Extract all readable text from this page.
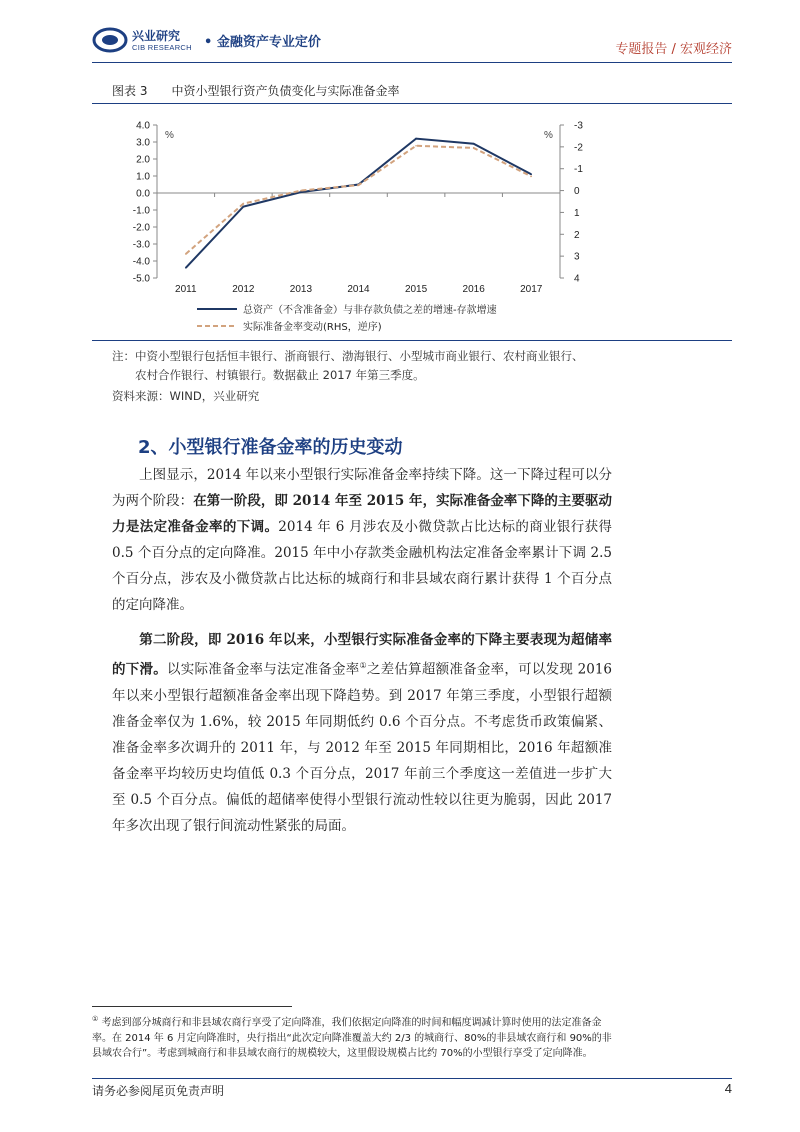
兴业研究
CIB RESEARCH • 金融资产专业定价	专题报告 / 宏观经济
图表 3 中资小型银行资产负债变化与实际准备金率
4.0
3.0
2.0
1.0
0.0
-1.0
-2.0
-3.0
-4.0
-5.0
-3
-2
-1
0
1
2
3
4
%	%
2011	2012	2013	2014	2015	2016	2017
总资产（不含准备金）与非存款负债之差的增速-存款增速
实际准备金率变动(RHS，逆序)
注：中资小型银行包括恒丰银行、浙商银行、渤海银行、小型城市商业银行、农村商业银行、
农村合作银行、村镇银行。数据截止 2017 年第三季度。
资料来源：WIND，兴业研究
2、小型银行准备金率的历史变动
上图显示，2014 年以来小型银行实际准备金率持续下降。这一下降过程可以分为两个阶段：在第一阶段，即 2014 年至 2015 年，实际准备金率下降的主要驱动力是法定准备金率的下调。2014 年 6 月涉农及小微贷款占比达标的商业银行获得 0.5 个百分点的定向降准。2015 年中小存款类金融机构法定准备金率累计下调 2.5 个百分点，涉农及小微贷款占比达标的城商行和非县域农商行累计获得 1 个百分点的定向降准。
第二阶段，即 2016 年以来，小型银行实际准备金率的下降主要表现为超储率的下滑。以实际准备金率与法定准备金率①之差估算超额准备金率，可以发现 2016 年以来小型银行超额准备金率出现下降趋势。到 2017 年第三季度，小型银行超额准备金率仅为 1.6%，较 2015 年同期低约 0.6 个百分点。不考虑货币政策偏紧、准备金率多次调升的 2011 年，与 2012 年至 2015 年同期相比，2016 年超额准备金率平均较历史均值低 0.3 个百分点，2017 年前三个季度这一差值进一步扩大至 0.5 个百分点。偏低的超储率使得小型银行流动性较以往更为脆弱，因此 2017 年多次出现了银行间流动性紧张的局面。
① 考虑到部分城商行和非县域农商行享受了定向降准，我们依据定向降准的时间和幅度调减计算时使用的法定准备金率。在 2014 年 6 月定向降准时，央行指出“此次定向降准覆盖大约 2/3 的城商行、80%的非县域农商行和 90%的非县域农合行”。考虑到城商行和非县域农商行的规模较大，这里假设规模占比约 70%的小型银行享受了定向降准。
请务必参阅尾页免责声明	4
